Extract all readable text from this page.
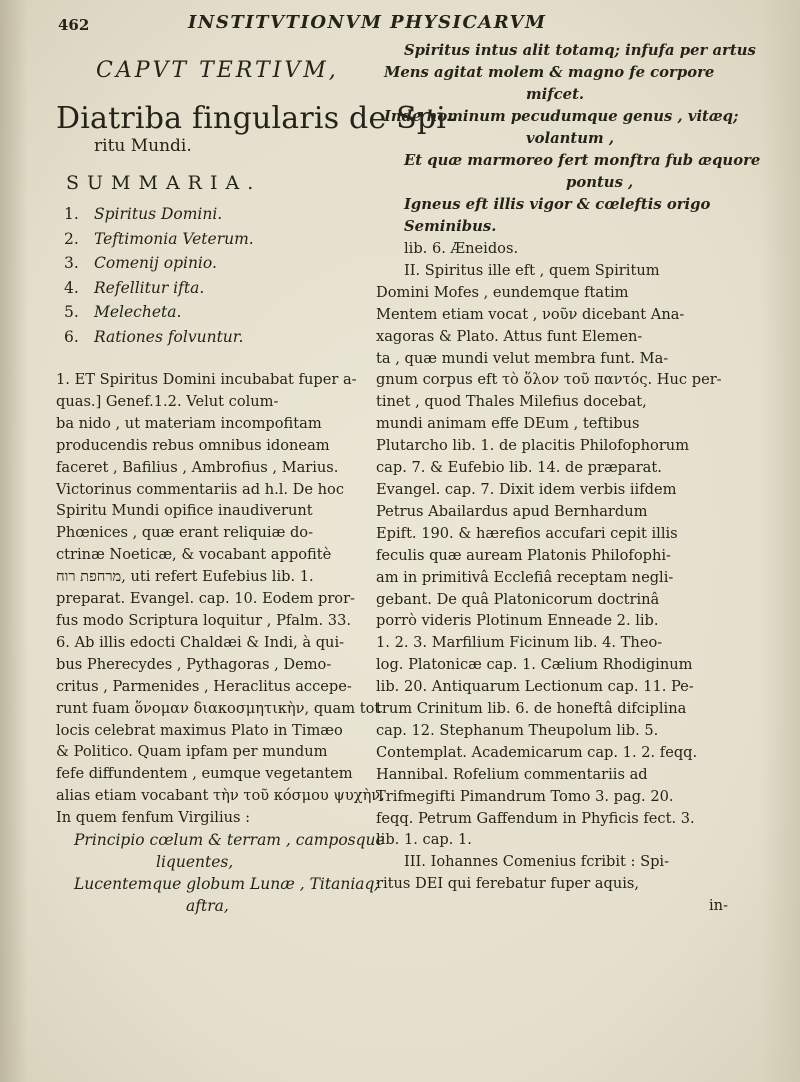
462	INSTITVTIONVM PHYSICARVM
CAPVT TERTIVM,
Diatriba fingularis de Spi-
ritu Mundi.
SUMMARIA.
1. Spiritus Domini.
2. Teftimonia Veterum.
3. Comenij opinio.
4. Refellitur ifta.
5. Melecheta.
6. Rationes folvuntur.

1. ET Spiritus Domini incubabat fuper a-

quas.] Genef.1.2. Velut colum-

ba nido , ut materiam incompofitam

producendis rebus omnibus idoneam

faceret , Bafilius , Ambrofius , Marius.

Victorinus commentariis ad h.l. De hoc

Spiritu Mundi opifice inaudiverunt

Phœnices , quæ erant reliquiæ do-

ctrinæ Noeticæ, & vocabant appofitè

מרחפת רוח, uti refert Eufebius lib. 1.

preparat. Evangel. cap. 10. Eodem pror-

fus modo Scriptura loquitur , Pfalm. 33.

6. Ab illis edocti Chaldæi & Indi, à qui-

bus Pherecydes , Pythagoras , Demo-

critus , Parmenides , Heraclitus accepe-

runt fuam ὅνομαν διακοσμητικὴν, quam tot

locis celebrat maximus Plato in Timæo

& Politico. Quam ipfam per mundum

fefe diffundentem , eumque vegetantem

alias etiam vocabant τὴν τοῦ κόσμου ψυχὴν.

In quem fenfum Virgilius :

Principio cœlum & terram , camposque

liquentes,

Lucentemque globum Lunæ , Titaniaq;

aftra,

Spiritus intus alit totamq; infufa per artus

Mens agitat molem & magno fe corpore

mifcet.

Inde hominum pecudumque genus , vitæq;

volantum ,

Et quæ marmoreo fert monftra fub æquore

pontus ,

Igneus eft illis vigor & cœleftis origo

Seminibus.

lib. 6. Æneidos.

II. Spiritus ille eft , quem Spiritum

Domini Mofes , eundemque ftatim

Mentem etiam vocat , νοῦν dicebant Ana-

xagoras & Plato. Attus funt Elemen-

ta , quæ mundi velut membra funt. Ma-

gnum corpus eft τὸ ὅλον τοῦ παντός. Huc per-

tinet , quod Thales Milefius docebat,

mundi animam effe DEum , teftibus

Plutarcho lib. 1. de placitis Philofophorum

cap. 7. & Eufebio lib. 14. de præparat.

Evangel. cap. 7. Dixit idem verbis iifdem

Petrus Abailardus apud Bernhardum

Epift. 190. & hærefios accufari cepit illis

feculis quæ auream Platonis Philofophi-

am in primitivâ Ecclefiâ receptam negli-

gebant. De quâ Platonicorum doctrinâ

porrò videris Plotinum Enneade 2. lib.

1. 2. 3. Marfilium Ficinum lib. 4. Theo-

log. Platonicæ cap. 1. Cælium Rhodiginum

lib. 20. Antiquarum Lectionum cap. 11. Pe-

trum Crinitum lib. 6. de honeftâ difciplina

cap. 12. Stephanum Theupolum lib. 5.

Contemplat. Academicarum cap. 1. 2. feqq.

Hannibal. Rofelium commentariis ad

Trifmegifti Pimandrum Tomo 3. pag. 20.

feqq. Petrum Gaffendum in Phyficis fect. 3.

lib. 1. cap. 1.

III. Iohannes Comenius fcribit : Spi-

ritus DEI qui ferebatur fuper aquis,

in-
